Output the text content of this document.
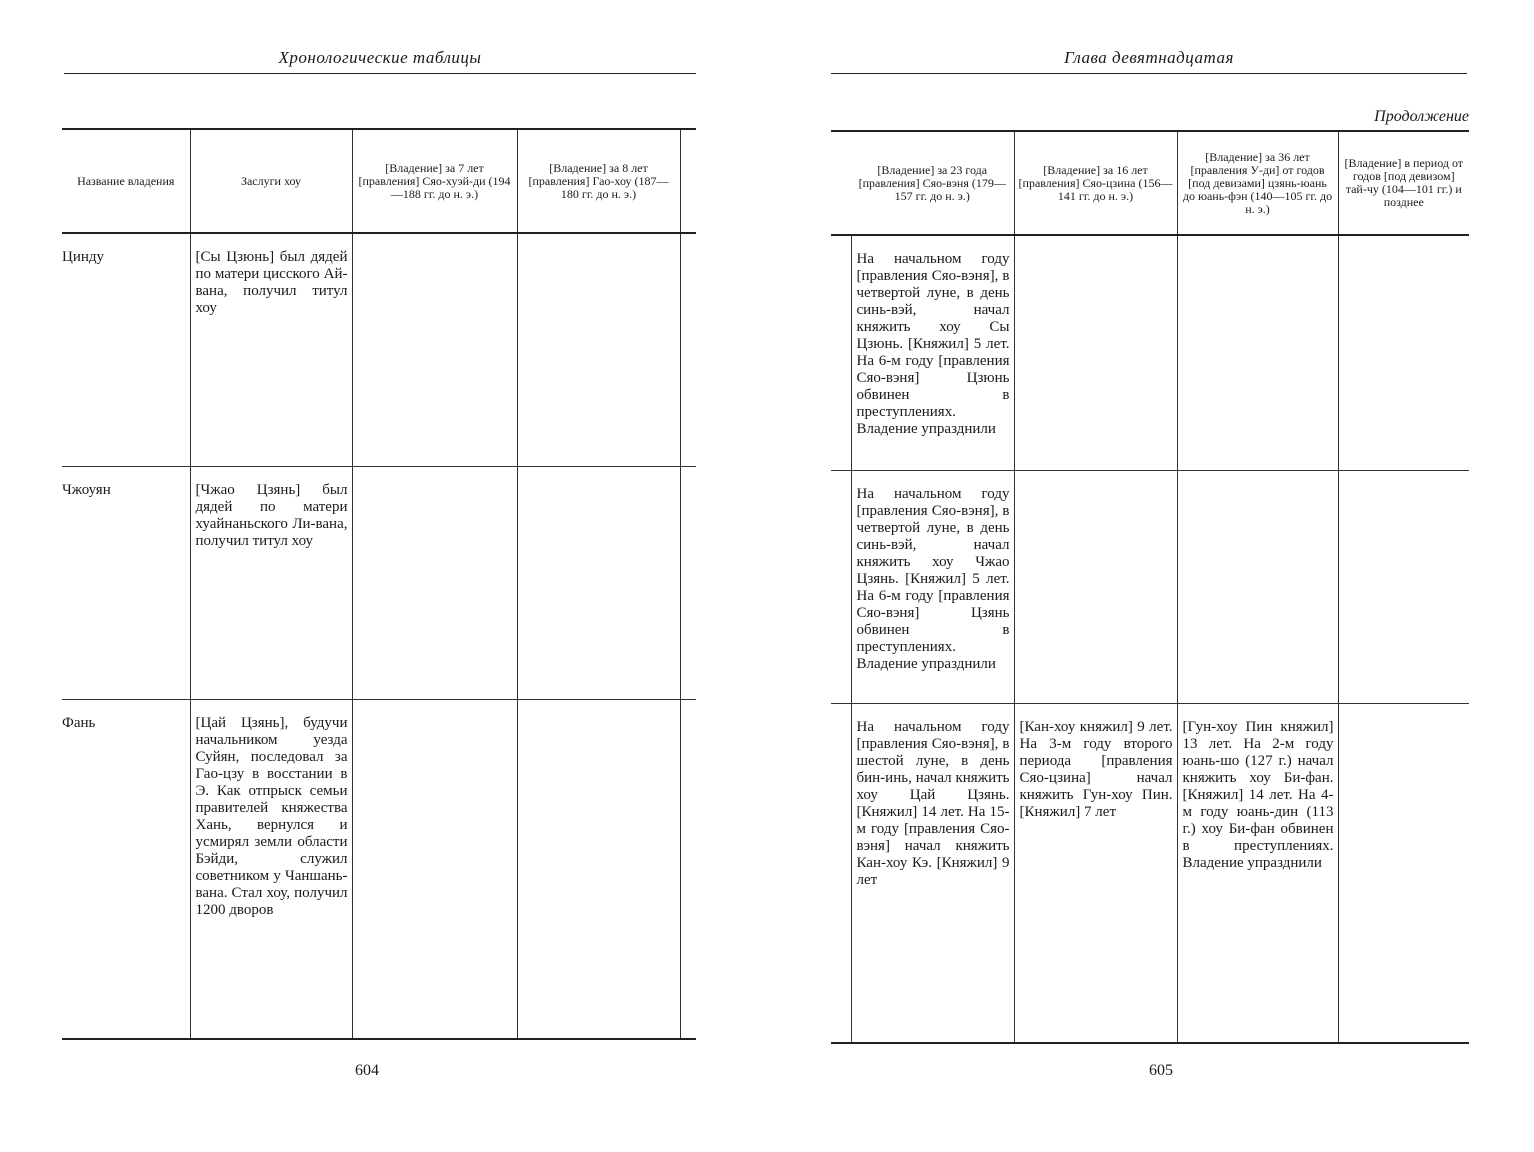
Хронологические таблицы
Название владения	Заслуги хоу	[Владение] за 7 лет [правления] Сяо-хуэй-ди (194—188 гг. до н. э.)	[Владение] за 8 лет [правления] Гао-хоу (187—180 гг. до н. э.)	
Цинду	[Сы Цзюнь] был дядей по матери цисского Ай-вана, получил титул хоу			
Чжоуян	[Чжао Цзянь] был дядей по матери хуайнаньского Ли-вана, получил титул хоу			
Фань	[Цай Цзянь], будучи начальником уезда Суйян, последовал за Гао-цзу в восстании в Э. Как отпрыск семьи правителей княжества Хань, вернулся и усмирял земли области Бэйди, служил советником у Чаншань-вана. Стал хоу, получил 1200 дворов			
604
Глава девятнадцатая
Продолжение
	[Владение] за 23 года [правления] Сяо-вэня (179—157 гг. до н. э.)	[Владение] за 16 лет [правления] Сяо-цзина (156—141 гг. до н. э.)	[Владение] за 36 лет [правления У-ди] от годов [под девизами] цзянь-юань до юань-фэн (140—105 гг. до н. э.)	[Владение] в период от годов [под девизом] тай-чу (104—101 гг.) и позднее
	На начальном году [правления Сяо-вэня], в четвертой луне, в день синь-вэй, начал княжить хоу Сы Цзюнь. [Княжил] 5 лет. На 6-м году [правления Сяо-вэня] Цзюнь обвинен в преступлениях. Владение упразднили			
	На начальном году [правления Сяо-вэня], в четвертой луне, в день синь-вэй, начал княжить хоу Чжао Цзянь. [Княжил] 5 лет. На 6-м году [правления Сяо-вэня] Цзянь обвинен в преступлениях. Владение упразднили			
	На начальном году [правления Сяо-вэня], в шестой луне, в день бин-инь, начал княжить хоу Цай Цзянь. [Княжил] 14 лет. На 15-м году [правления Сяо-вэня] начал княжить Кан-хоу Кэ. [Княжил] 9 лет	[Кан-хоу княжил] 9 лет. На 3-м году второго периода [правления Сяо-цзина] начал княжить Гун-хоу Пин. [Княжил] 7 лет	[Гун-хоу Пин княжил] 13 лет. На 2-м году юань-шо (127 г.) начал княжить хоу Би-фан. [Княжил] 14 лет. На 4-м году юань-дин (113 г.) хоу Би-фан обвинен в преступлениях. Владение упразднили	
605
